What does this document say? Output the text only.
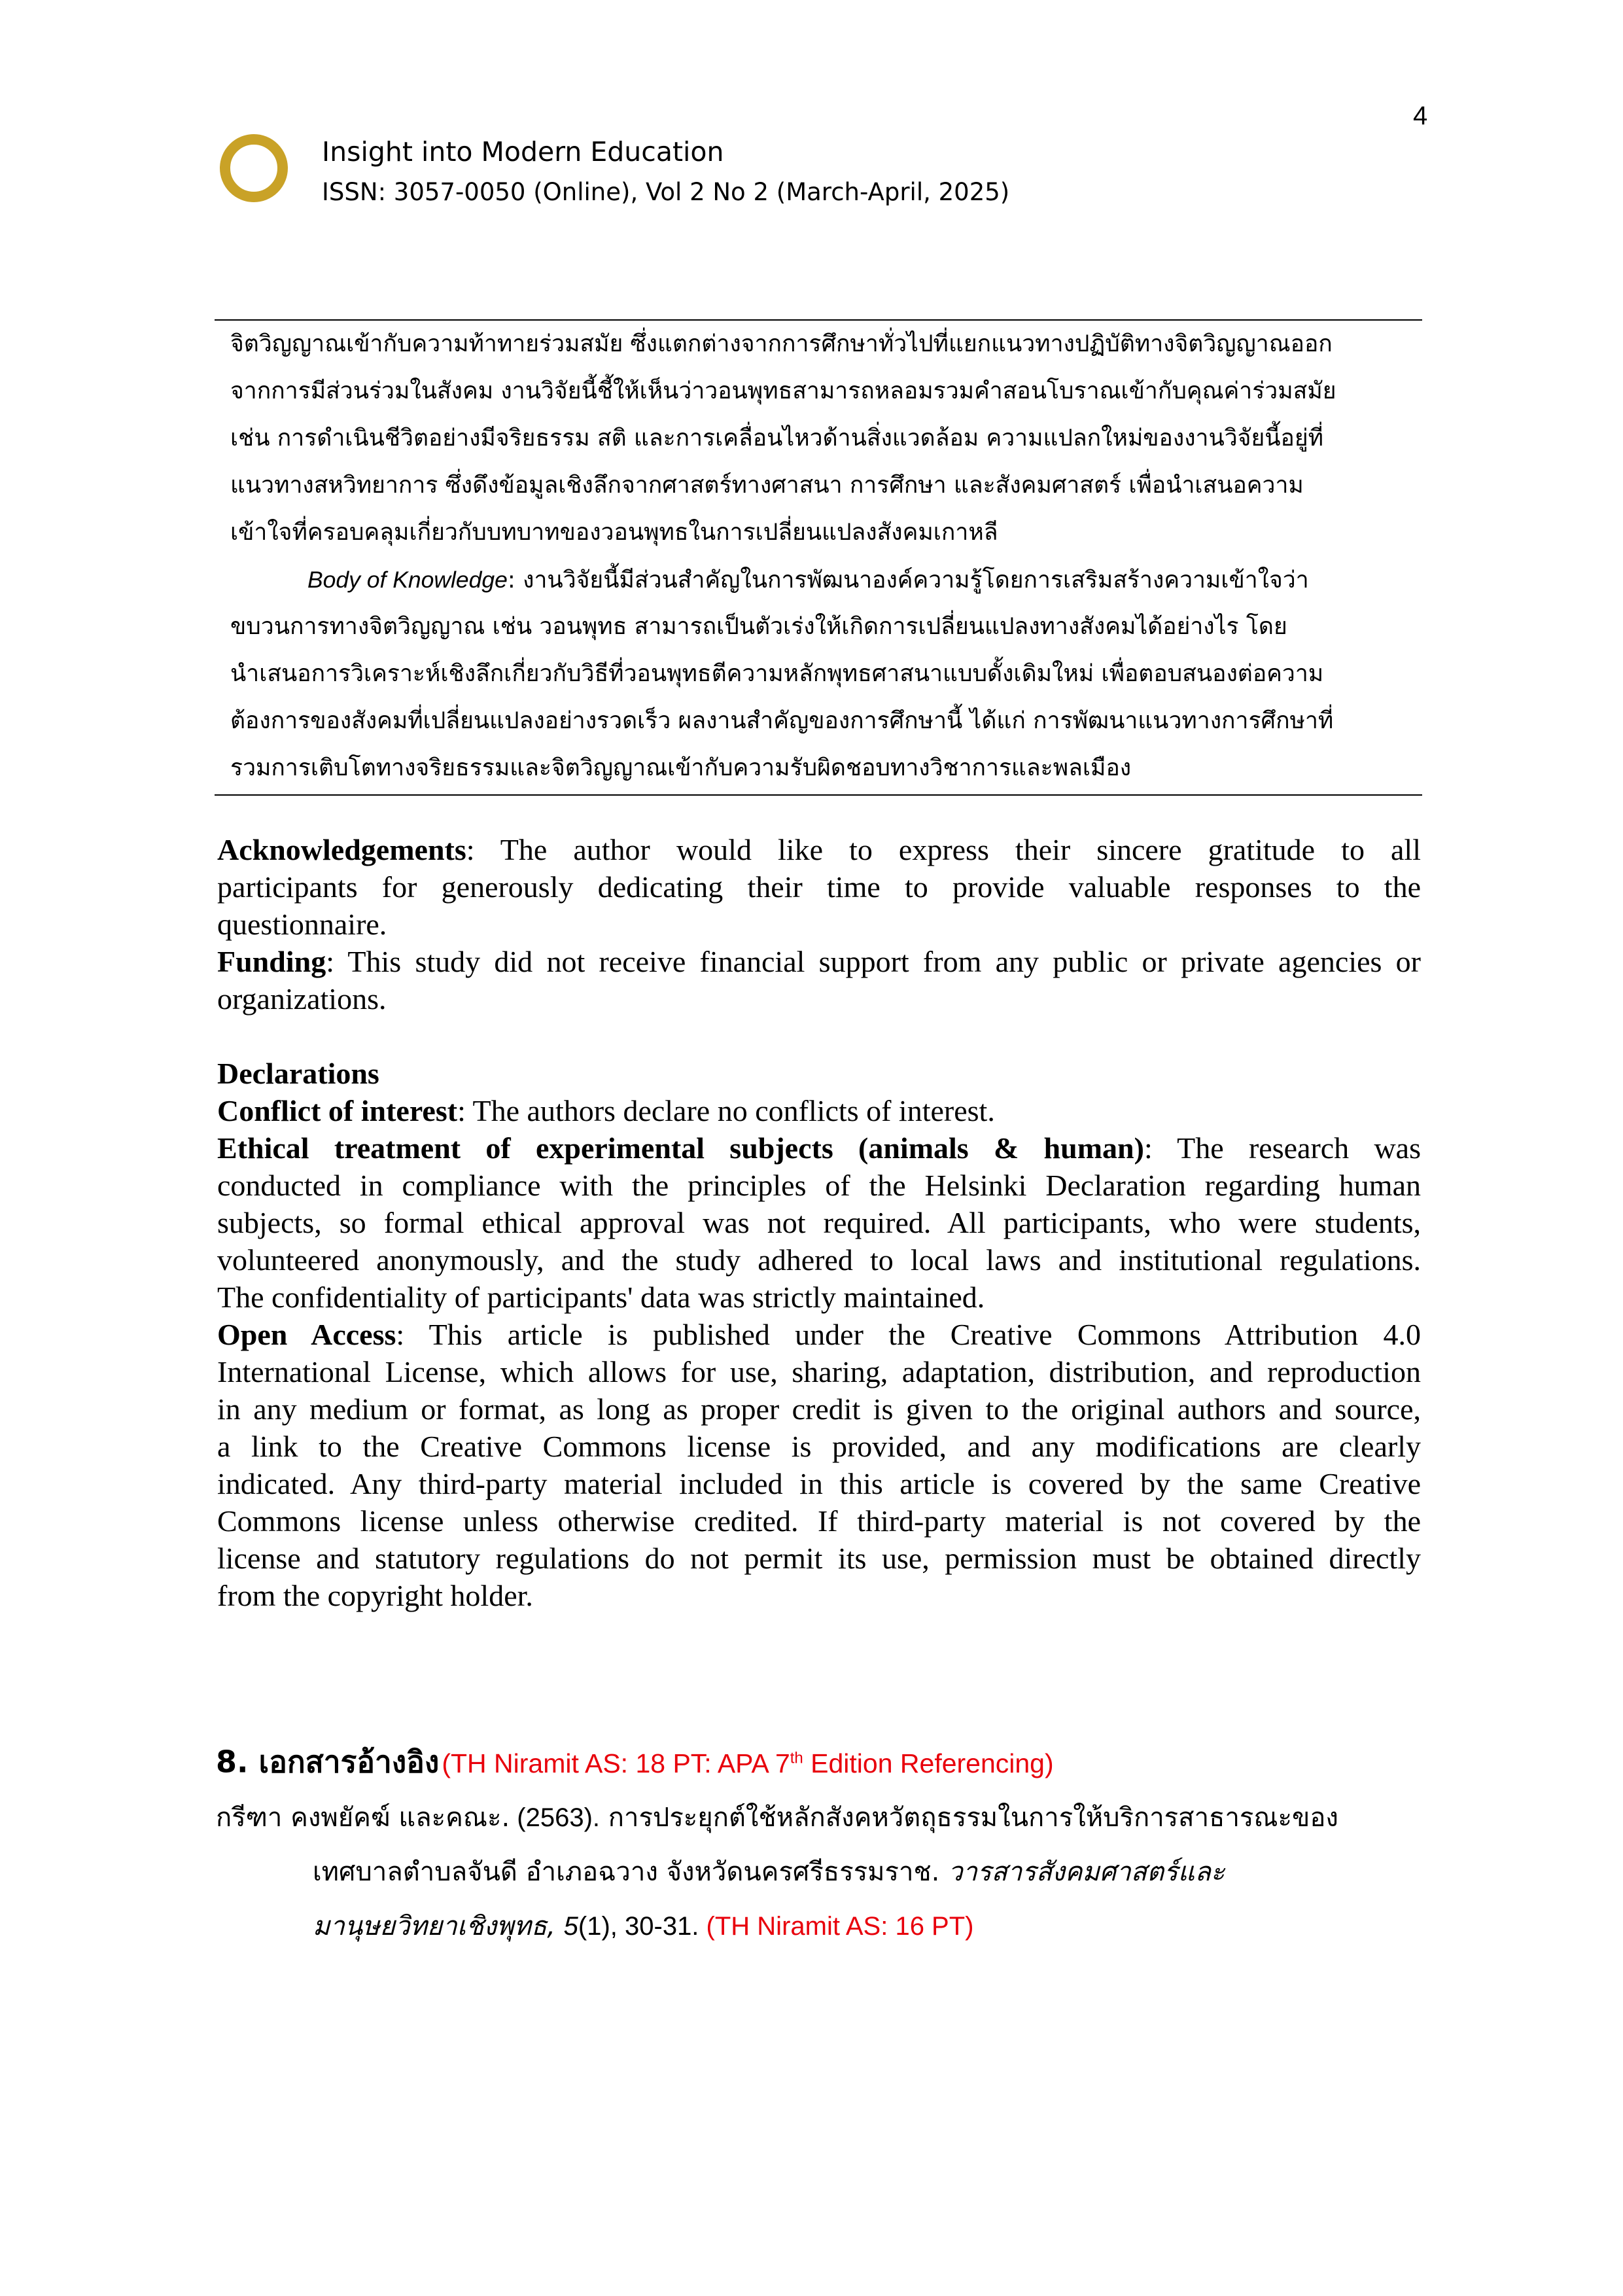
4
Insight into Modern Education
ISSN: 3057-0050 (Online), Vol 2 No 2 (March-April, 2025)
จิตวิญญาณเข้ากับความท้าทายร่วมสมัย ซึ่งแตกต่างจากการศึกษาทั่วไปที่แยกแนวทางปฏิบัติทางจิตวิญญาณออก
จากการมีส่วนร่วมในสังคม งานวิจัยนี้ชี้ให้เห็นว่าวอนพุทธสามารถหลอมรวมคำสอนโบราณเข้ากับคุณค่าร่วมสมัย
เช่น การดำเนินชีวิตอย่างมีจริยธรรม สติ และการเคลื่อนไหวด้านสิ่งแวดล้อม ความแปลกใหม่ของงานวิจัยนี้อยู่ที่
แนวทางสหวิทยาการ ซึ่งดึงข้อมูลเชิงลึกจากศาสตร์ทางศาสนา การศึกษา และสังคมศาสตร์ เพื่อนำเสนอความ
เข้าใจที่ครอบคลุมเกี่ยวกับบทบาทของวอนพุทธในการเปลี่ยนแปลงสังคมเกาหลี
Body of Knowledge: งานวิจัยนี้มีส่วนสำคัญในการพัฒนาองค์ความรู้โดยการเสริมสร้างความเข้าใจว่า
ขบวนการทางจิตวิญญาณ เช่น วอนพุทธ สามารถเป็นตัวเร่งให้เกิดการเปลี่ยนแปลงทางสังคมได้อย่างไร โดย
นำเสนอการวิเคราะห์เชิงลึกเกี่ยวกับวิธีที่วอนพุทธตีความหลักพุทธศาสนาแบบดั้งเดิมใหม่ เพื่อตอบสนองต่อความ
ต้องการของสังคมที่เปลี่ยนแปลงอย่างรวดเร็ว ผลงานสำคัญของการศึกษานี้ ได้แก่ การพัฒนาแนวทางการศึกษาที่
รวมการเติบโตทางจริยธรรมและจิตวิญญาณเข้ากับความรับผิดชอบทางวิชาการและพลเมือง
Acknowledgements: The author would like to express their sincere gratitude to all
participants for generously dedicating their time to provide valuable responses to the
questionnaire.
Funding: This study did not receive financial support from any public or private agencies or
organizations.
Declarations
Conflict of interest: The authors declare no conflicts of interest.
Ethical treatment of experimental subjects (animals & human): The research was
conducted in compliance with the principles of the Helsinki Declaration regarding human
subjects, so formal ethical approval was not required. All participants, who were students,
volunteered anonymously, and the study adhered to local laws and institutional regulations.
The confidentiality of participants' data was strictly maintained.
Open Access: This article is published under the Creative Commons Attribution 4.0
International License, which allows for use, sharing, adaptation, distribution, and reproduction
in any medium or format, as long as proper credit is given to the original authors and source,
a link to the Creative Commons license is provided, and any modifications are clearly
indicated. Any third-party material included in this article is covered by the same Creative
Commons license unless otherwise credited. If third-party material is not covered by the
license and statutory regulations do not permit its use, permission must be obtained directly
from the copyright holder.
8. เอกสารอ้างอิง (TH Niramit AS: 18 PT: APA 7th Edition Referencing)
กรีฑา คงพยัคฆ์ และคณะ. (2563). การประยุกต์ใช้หลักสังคหวัตถุธรรมในการให้บริการสาธารณะของ
เทศบาลตำบลจันดี อำเภอฉวาง จังหวัดนครศรีธรรมราช. วารสารสังคมศาสตร์และ
มานุษยวิทยาเชิงพุทธ, 5(1), 30-31. (TH Niramit AS: 16 PT)
